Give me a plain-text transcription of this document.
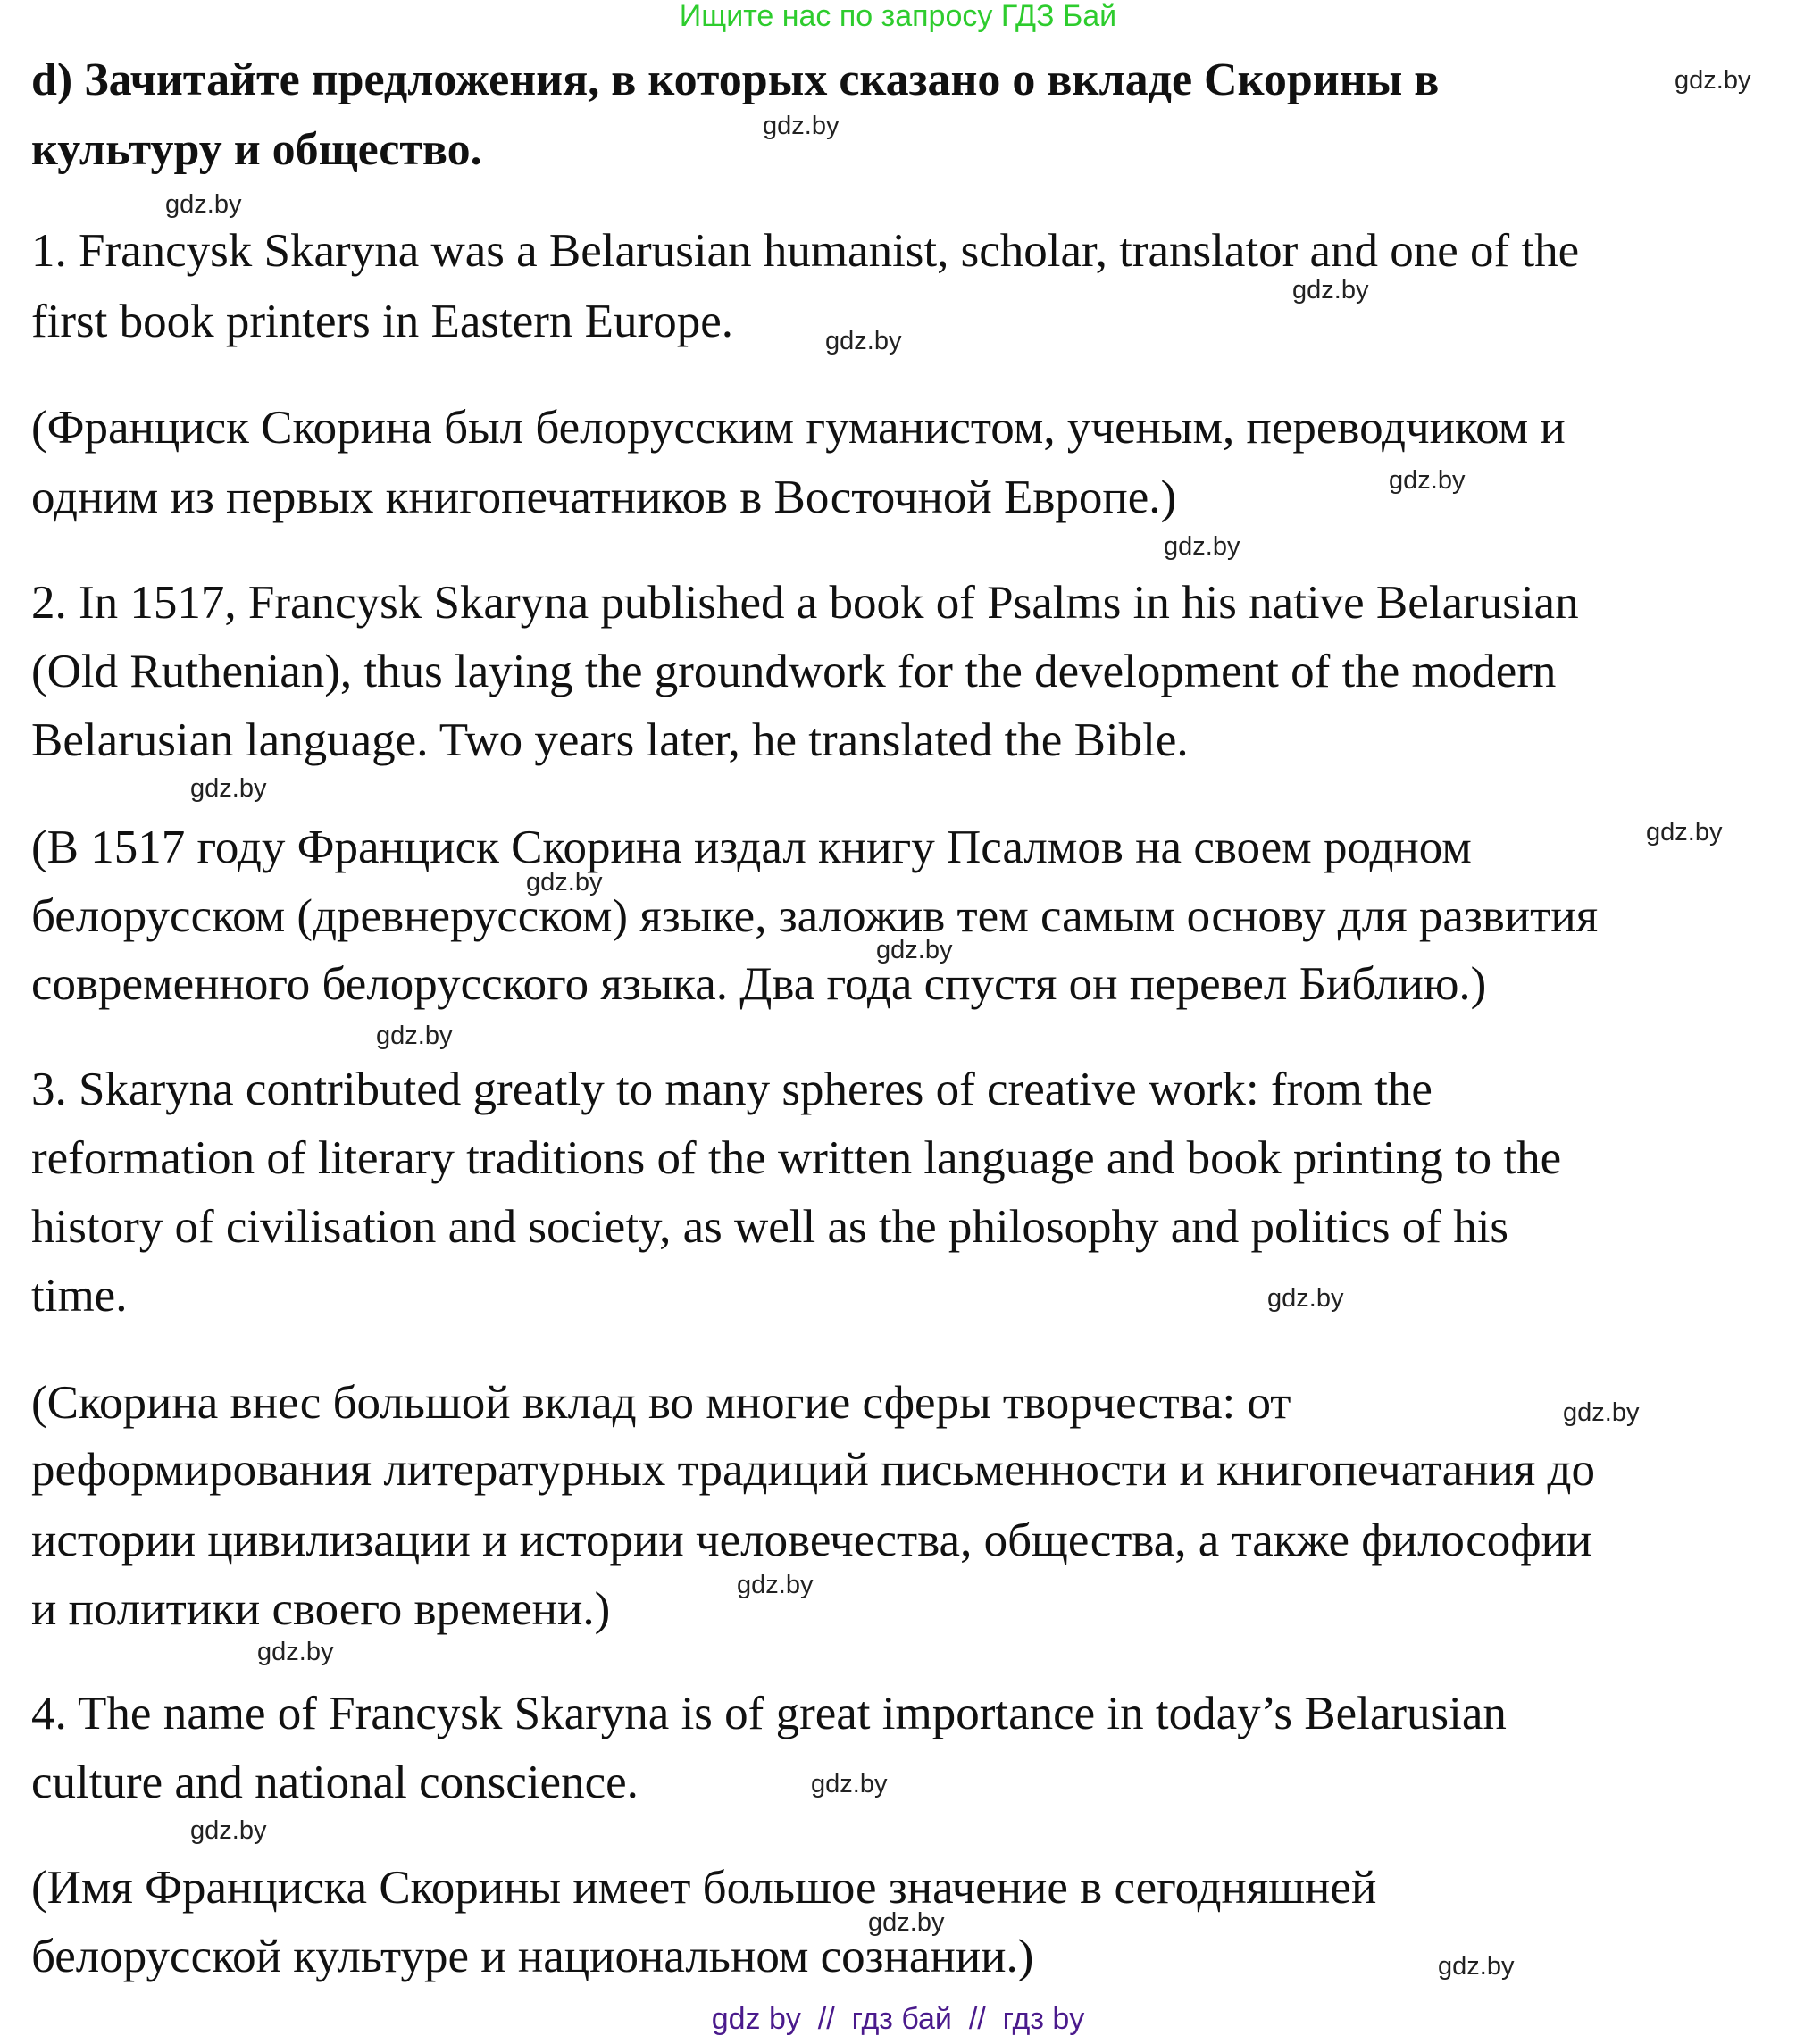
Ищите нас по запросу ГДЗ Бай
d) Зачитайте предложения, в которых сказано о вкладе Скорины в
культуру и общество.
1. Francysk Skaryna was a Belarusian humanist, scholar, translator and one of the
first book printers in Eastern Europe.
(Франциск Скорина был белорусским гуманистом, ученым, переводчиком и
одним из первых книгопечатников в Восточной Европе.)
2. In 1517, Francysk Skaryna published a book of Psalms in his native Belarusian
(Old Ruthenian), thus laying the groundwork for the development of the modern
Belarusian language. Two years later, he translated the Bible.
(В 1517 году Франциск Скорина издал книгу Псалмов на своем родном
белорусском (древнерусском) языке, заложив тем самым основу для развития
современного белорусского языка. Два года спустя он перевел Библию.)
3. Skaryna contributed greatly to many spheres of creative work: from the
reformation of literary traditions of the written language and book printing to the
history of civilisation and society, as well as the philosophy and politics of his
time.
(Скорина внес большой вклад во многие сферы творчества: от
реформирования литературных традиций письменности и книгопечатания до
истории цивилизации и истории человечества, общества, а также философии
и политики своего времени.)
4. The name of Francysk Skaryna is of great importance in today’s Belarusian
culture and national conscience.
(Имя Франциска Скорины имеет большое значение в сегодняшней
белорусской культуре и национальном сознании.)
gdz.by
gdz.by
gdz.by
gdz.by
gdz.by
gdz.by
gdz.by
gdz.by
gdz.by
gdz.by
gdz.by
gdz.by
gdz.by
gdz.by
gdz.by
gdz.by
gdz.by
gdz.by
gdz.by
gdz.by
gdz by  //  гдз бай  //  гдз by
